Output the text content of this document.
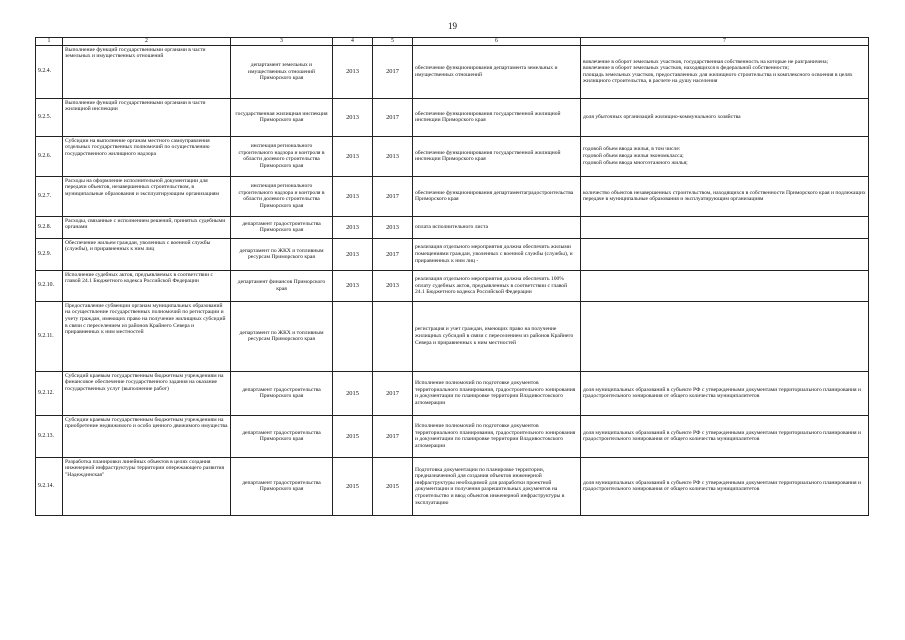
19
1	2	3	4	5	6	7
9.2.4.	Выполнение функций государственными органами в части земельных и имущественных отношений	департамент земельных и имущественных отношений Приморского края	2013	2017	обеспечение функционирования департамента земельных и имущественных отношений	вовлечение в оборот земельных участков, государственная собственность на которые не разграничена;
вовлечение в оборот земельных участков, находящихся в федеральной собственности;
площадь земельных участков, предоставленных для жилищного строительства и комплексного освоения в целях жилищного строительства, в расчете на душу населения

9.2.5.	Выполнение функций государственными органами в части жилищной инспекции	государственная жилищная инспекция Приморского края	2013	2017	обеспечение функционирования государственной жилищной инспекции Приморского края	доля убыточных организаций жилищно-коммунального хозяйства

9.2.6.	Субсидии на выполнение органам местного самоуправления отдельных государственных полномочий по осуществлению государственного жилищного надзора	инспекция регионального строительного надзора и контроля в области долевого строительства Приморского края	2013	2013	обеспечение функционирования государственной жилищной инспекции Приморского края	годовой объем ввода жилья, в том числе:
годовой объем ввода жилья экономкласса;
годовой объем ввода многоэтажного жилья;

9.2.7.	Расходы на оформление исполнительной документации для передачи объектов, незавершенных строительством, в муниципальные образования и эксплуатирующим организациям	инспекция регионального строительного надзора и контроля в области долевого строительства Приморского края	2013	2017	обеспечение функционирования департаментаградостроительства Приморского края	количество объектов незавершенных строительством, находящихся в собственности Приморского края и подлежащих передаче в муниципальные образования и эксплуатирующим организациям

9.2.8.	Расходы, связанные с исполнением решений, принятых судебными органами	департамент градостроительства Приморского края	2013	2013	оплата исполнительного листа	
9.2.9.	Обеспечение жильем граждан, уволенных с военной службы (службы), и приравненных к ним лиц	департамент по ЖКХ и топливным ресурсам Приморского края	2013	2017	реализация отдельного мероприятия должна обеспечить жилыми помещениями граждан, уволенных с военной службы (службы), и приравненных к ним лиц -	
9.2.10.	Исполнение судебных актов, предъявляемых в соответствии с главой 24.1 Бюджетного кодекса Российской Федерации	департамент финансов Приморского края	2013	2013	реализация отдельного мероприятия должна обеспечить 100% оплату судебных актов, предъявленных в соответствии с главой 24.1 Бюджетного кодекса Российской Федерации	
9.2.11.	Предоставление субвенции органам муниципальных образований на осуществление государственных полномочий по регистрации и учету граждан, имеющих право на получение жилищных субсидий в связи с переселением из районов Крайнего Севера и приравненных к ним местностей	департамент по ЖКХ и топливным ресурсам Приморского края			регистрация и учет граждан, имеющих право на получение жилищных субсидий в связи с переселением из районов Крайнего Севера и приравненных к ним местностей	
9.2.12.	Субсидий краевым государственным бюджетным учреждениям на финансовое обеспечение государственного задания на оказание государственных услуг (выполнение работ)	департамент градостроительства Приморского края	2015	2017	Исполнение полномочий по подготовке документов территориального планирования, градостроительного зонирования и документации по планировке территории Владивостокского агломерации	доля муниципальных образований в субъекте РФ с утвержденными документами территориального планирования и градостроительного зонирования от общего количества муниципалитетов

9.2.13.	Субсидии краевым государственным бюджетным учреждениям на приобретение недвижимого и особо ценного движимого имущества	департамент градостроительства Приморского края	2015	2017	Исполнение полномочий по подготовке документов территориального планирования, градостроительного зонирования и документации по планировке территории Владивостокского агломерации	доля муниципальных образований в субъекте РФ с утвержденными документами территориального планирования и градостроительного зонирования от общего количества муниципалитетов

9.2.14.	Разработка планировки линейных объектов в целях создания инженерной инфраструктуры территории опережающего развития "Надеждинская"	департамент градостроительства Приморского края	2015	2015	Подготовка документации по планировке территории, предназначенной для создания объектов инженерной инфраструктуры необходимой для разработки проектной документации и получения разрешительных документов на строительство и ввод объектов инженерной инфраструктуры в эксплуатацию	доля муниципальных образований в субъекте РФ с утвержденными документами территориального планирования и градостроительного зонирования от общего количества муниципалитетов
